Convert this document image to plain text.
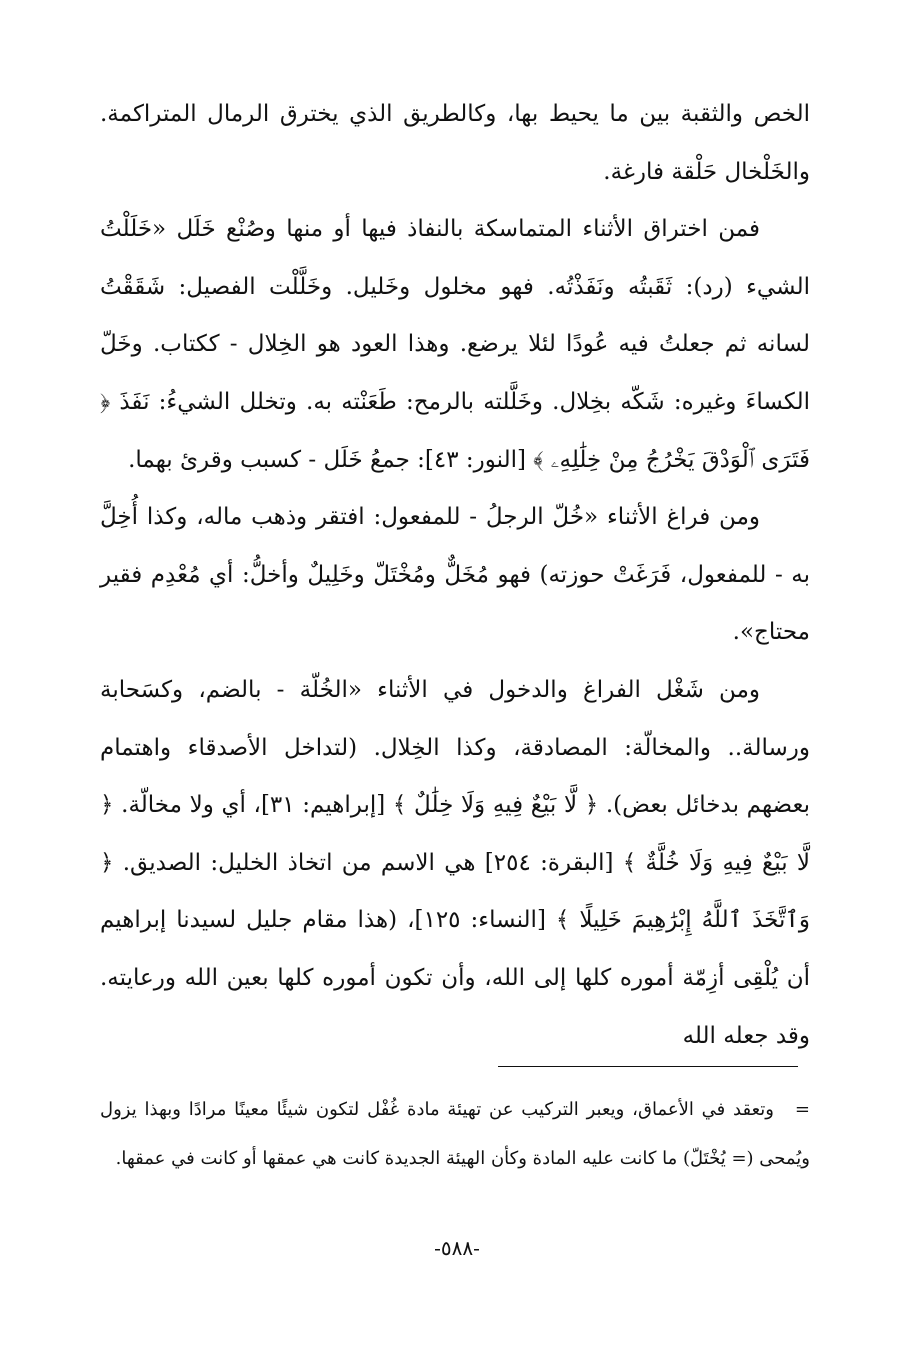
الخص والثقبة بين ما يحيط بها، وكالطريق الذي يخترق الرمال المتراكمة. والخَلْخال حَلْقة فارغة.

فمن اختراق الأثناء المتماسكة بالنفاذ فيها أو منها وصُنْع خَلَل «خَلَلْتُ الشيء (رد): ثَقَبتُه ونَفَذْتُه. فهو مخلول وخَليل. وخَلَّلْت الفصيل: شَقَقْتُ لسانه ثم جعلتُ فيه عُودًا لئلا يرضع. وهذا العود هو الخِلال - ككتاب. وخَلّ الكساءَ وغيره: شَكّه بخِلال. وخَلَّلته بالرمح: طَعَنْته به. وتخلل الشيءُ: نَفَذَ ﴿ فَتَرَى ٱلْوَدْقَ يَخْرُجُ مِنْ خِلَٰلِهِۦ ﴾ [النور: ٤٣]: جمعُ خَلَل - كسبب وقرئ بهما.

ومن فراغ الأثناء «خُلّ الرجلُ - للمفعول: افتقر وذهب ماله، وكذا أُخِلَّ به - للمفعول، فَرَغَتْ حوزته) فهو مُخَلٌّ ومُخْتَلّ وخَلِيلٌ وأخلُّ: أي مُعْدِم فقير محتاج».

ومن شَغْل الفراغ والدخول في الأثناء «الخُلّة - بالضم، وكسَحابة ورسالة.. والمخالّة: المصادقة، وكذا الخِلال. (لتداخل الأصدقاء واهتمام بعضهم بدخائل بعض). ﴿ لَّا بَيْعٌ فِيهِ وَلَا خِلَٰلٌ ﴾ [إبراهيم: ٣١]، أي ولا مخالّة. ﴿ لَّا بَيْعٌ فِيهِ وَلَا خُلَّةٌ ﴾ [البقرة: ٢٥٤] هي الاسم من اتخاذ الخليل: الصديق. ﴿ وَٱتَّخَذَ ٱللَّهُ إِبْرَٰهِيمَ خَلِيلًا ﴾ [النساء: ١٢٥]، (هذا مقام جليل لسيدنا إبراهيم أن يُلْقِى أزِمّة أموره كلها إلى الله، وأن تكون أموره كلها بعين الله ورعايته. وقد جعله الله

=وتعقد في الأعماق، ويعبر التركيب عن تهيئة مادة غُفْل لتكون شيئًا معينًا مرادًا وبهذا يزول ويُمحى (= يُخْتَلّ) ما كانت عليه المادة وكأن الهيئة الجديدة كانت هي عمقها أو كانت في عمقها.

-٥٨٨-
